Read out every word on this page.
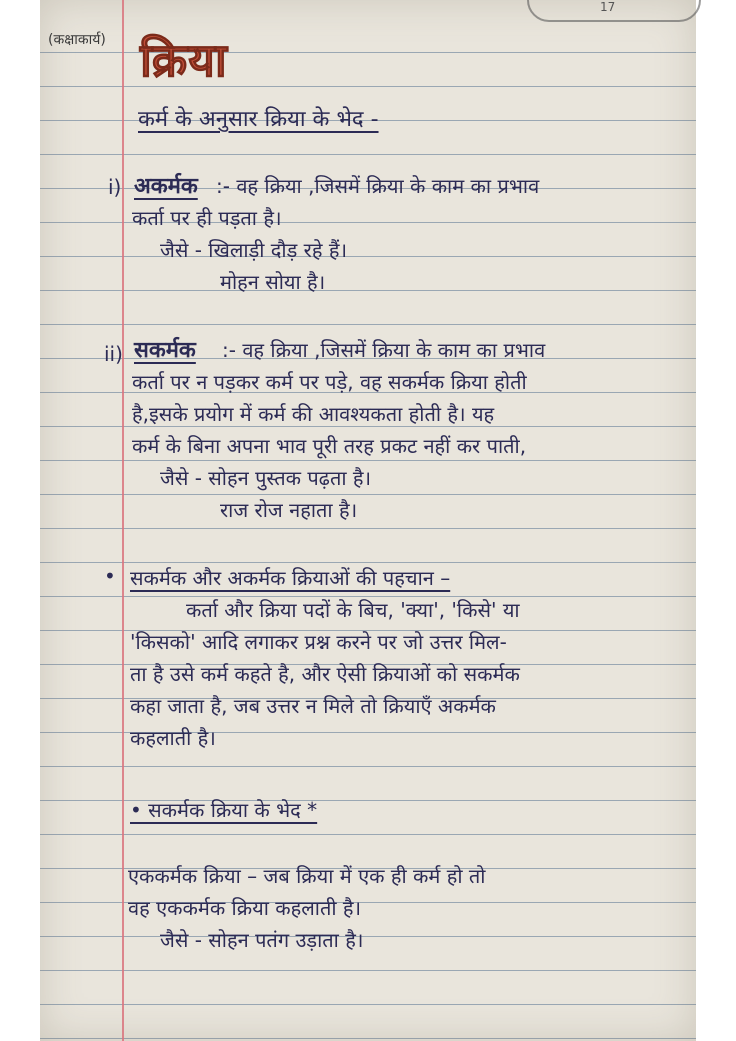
17
(कक्षाकार्य) क्रिया
कर्म के अनुसार क्रिया के भेद -
i) अकर्मक :- वह क्रिया ,जिसमें क्रिया के काम का प्रभाव
कर्ता पर ही पड़ता है।
जैसे - खिलाड़ी दौड़ रहे हैं।
मोहन सोया है।
ii) सकर्मक :- वह क्रिया ,जिसमें क्रिया के काम का प्रभाव
कर्ता पर न पड़कर कर्म पर पड़े, वह सकर्मक क्रिया होती
है,इसके प्रयोग में कर्म की आवश्यकता होती है। यह
कर्म के बिना अपना भाव पूरी तरह प्रकट नहीं कर पाती,
जैसे - सोहन पुस्तक पढ़ता है।
राज रोज नहाता है।
• सकर्मक और अकर्मक क्रियाओं की पहचान –
कर्ता और क्रिया पदों के बिच, 'क्या', 'किसे' या
'किसको' आदि लगाकर प्रश्न करने पर जो उत्तर मिल-
ता है उसे कर्म कहते है, और ऐसी क्रियाओं को सकर्मक
कहा जाता है, जब उत्तर न मिले तो क्रियाएँ अकर्मक
कहलाती है।
• सकर्मक क्रिया के भेद *
एककर्मक क्रिया – जब क्रिया में एक ही कर्म हो तो
वह एककर्मक क्रिया कहलाती है।
जैसे - सोहन पतंग उड़ाता है।
